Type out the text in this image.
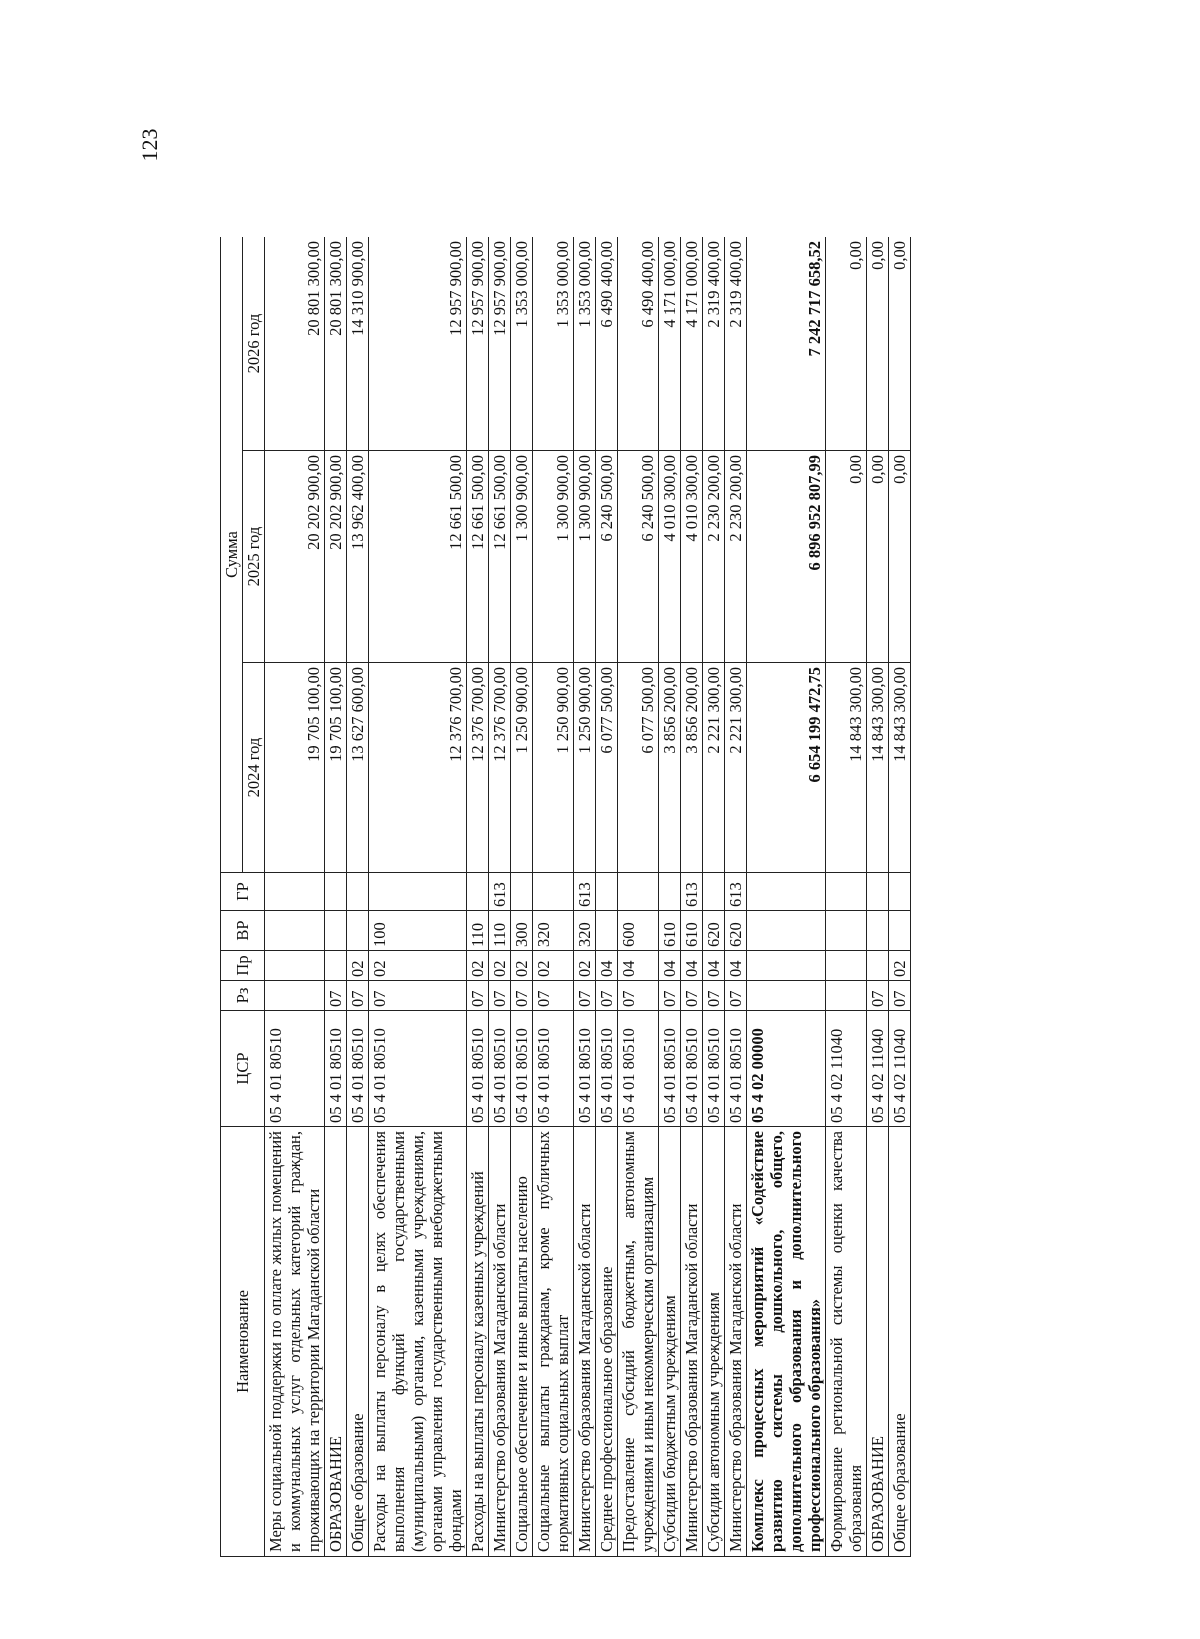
123
Наименование	ЦСР	Рз	Пр	ВР	ГР	Сумма		
						2024 год	2025 год	2026 год
Меры социальной поддержки по оплате жилых помещений и коммунальных услуг отдельных категорий граждан, проживающих на территории Магаданской области	05 4 01 80510					19 705 100,00	20 202 900,00	20 801 300,00
ОБРАЗОВАНИЕ	05 4 01 80510	07				19 705 100,00	20 202 900,00	20 801 300,00
Общее образование	05 4 01 80510	07	02			13 627 600,00	13 962 400,00	14 310 900,00
Расходы на выплаты персоналу в целях обеспечения выполнения функций государственными (муниципальными) органами, казенными учреждениями, органами управления государственными внебюджетными фондами	05 4 01 80510	07	02	100		12 376 700,00	12 661 500,00	12 957 900,00
Расходы на выплаты персоналу казенных учреждений	05 4 01 80510	07	02	110		12 376 700,00	12 661 500,00	12 957 900,00
Министерство образования Магаданской области	05 4 01 80510	07	02	110	613	12 376 700,00	12 661 500,00	12 957 900,00
Социальное обеспечение и иные выплаты населению	05 4 01 80510	07	02	300		1 250 900,00	1 300 900,00	1 353 000,00
Социальные выплаты гражданам, кроме публичных нормативных социальных выплат	05 4 01 80510	07	02	320		1 250 900,00	1 300 900,00	1 353 000,00
Министерство образования Магаданской области	05 4 01 80510	07	02	320	613	1 250 900,00	1 300 900,00	1 353 000,00
Среднее профессиональное образование	05 4 01 80510	07	04			6 077 500,00	6 240 500,00	6 490 400,00
Предоставление субсидий бюджетным, автономным учреждениям и иным некоммерческим организациям	05 4 01 80510	07	04	600		6 077 500,00	6 240 500,00	6 490 400,00
Субсидии бюджетным учреждениям	05 4 01 80510	07	04	610		3 856 200,00	4 010 300,00	4 171 000,00
Министерство образования Магаданской области	05 4 01 80510	07	04	610	613	3 856 200,00	4 010 300,00	4 171 000,00
Субсидии автономным учреждениям	05 4 01 80510	07	04	620		2 221 300,00	2 230 200,00	2 319 400,00
Министерство образования Магаданской области	05 4 01 80510	07	04	620	613	2 221 300,00	2 230 200,00	2 319 400,00
Комплекс процессных мероприятий «Содействие развитию системы дошкольного, общего, дополнительного образования и дополнительного профессионального образования»	05 4 02 00000					6 654 199 472,75	6 896 952 807,99	7 242 717 658,52
Формирование региональной системы оценки качества образования	05 4 02 11040					14 843 300,00	0,00	0,00
ОБРАЗОВАНИЕ	05 4 02 11040	07				14 843 300,00	0,00	0,00
Общее образование	05 4 02 11040	07	02			14 843 300,00	0,00	0,00
